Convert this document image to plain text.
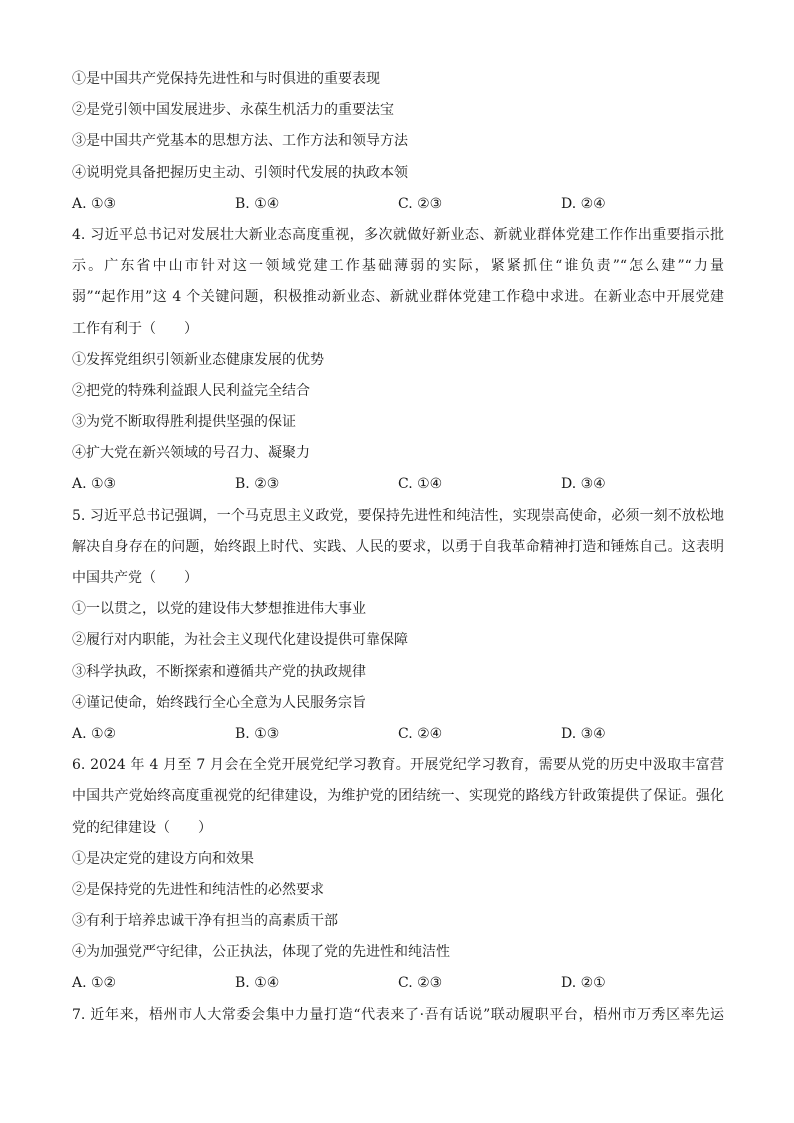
①是中国共产党保持先进性和与时俱进的重要表现
②是党引领中国发展进步、永葆生机活力的重要法宝
③是中国共产党基本的思想方法、工作方法和领导方法
④说明党具备把握历史主动、引领时代发展的执政本领
A. ①③	B. ①④	C. ②③	D. ②④
4. 习近平总书记对发展壮大新业态高度重视，多次就做好新业态、新就业群体党建工作作出重要指示批
示。广东省中山市针对这一领域党建工作基础薄弱的实际，紧紧抓住“谁负责”“怎么建”“力量
弱”“起作用”这 4 个关键问题，积极推动新业态、新就业群体党建工作稳中求进。在新业态中开展党建
工作有利于（　　）
①发挥党组织引领新业态健康发展的优势
②把党的特殊利益跟人民利益完全结合
③为党不断取得胜利提供坚强的保证
④扩大党在新兴领域的号召力、凝聚力
A. ①③	B. ②③	C. ①④	D. ③④
5. 习近平总书记强调，一个马克思主义政党，要保持先进性和纯洁性，实现崇高使命，必须一刻不放松地
解决自身存在的问题，始终跟上时代、实践、人民的要求，以勇于自我革命精神打造和锤炼自己。这表明
中国共产党（　　）
①一以贯之，以党的建设伟大梦想推进伟大事业
②履行对内职能，为社会主义现代化建设提供可靠保障
③科学执政，不断探索和遵循共产党的执政规律
④谨记使命，始终践行全心全意为人民服务宗旨
A. ①②	B. ①③	C. ②④	D. ③④
6. 2024 年 4 月至 7 月会在全党开展党纪学习教育。开展党纪学习教育，需要从党的历史中汲取丰富营
中国共产党始终高度重视党的纪律建设，为维护党的团结统一、实现党的路线方针政策提供了保证。强化
党的纪律建设（　　）
①是决定党的建设方向和效果
②是保持党的先进性和纯洁性的必然要求
③有利于培养忠诚干净有担当的高素质干部
④为加强党严守纪律，公正执法，体现了党的先进性和纯洁性
A. ①②	B. ①④	C. ②③	D. ②①
7. 近年来，梧州市人大常委会集中力量打造“代表来了·吾有话说”联动履职平台，梧州市万秀区率先运
